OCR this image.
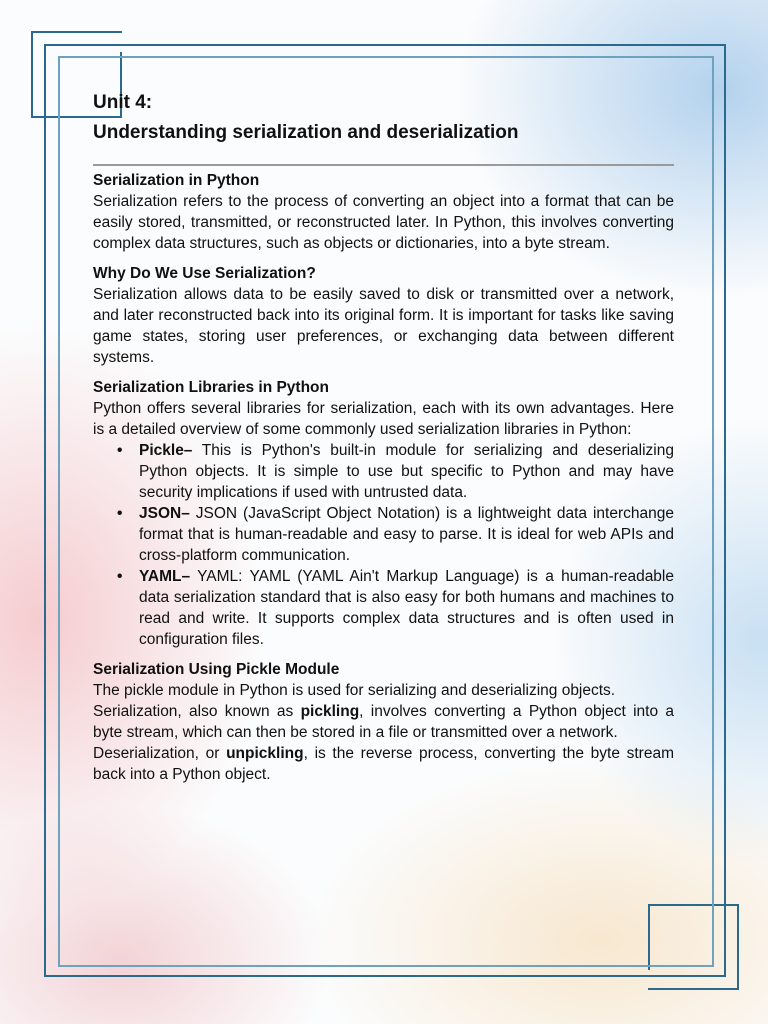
Unit 4:
Understanding serialization and deserialization
Serialization in Python
Serialization refers to the process of converting an object into a format that can be easily stored, transmitted, or reconstructed later. In Python, this involves converting complex data structures, such as objects or dictionaries, into a byte stream.
Why Do We Use Serialization?
Serialization allows data to be easily saved to disk or transmitted over a network, and later reconstructed back into its original form. It is important for tasks like saving game states, storing user preferences, or exchanging data between different systems.
Serialization Libraries in Python
Python offers several libraries for serialization, each with its own advantages. Here is a detailed overview of some commonly used serialization libraries in Python:
• Pickle– This is Python's built-in module for serializing and deserializing Python objects. It is simple to use but specific to Python and may have security implications if used with untrusted data.
• JSON– JSON (JavaScript Object Notation) is a lightweight data interchange format that is human-readable and easy to parse. It is ideal for web APIs and cross-platform communication.
• YAML– YAML: YAML (YAML Ain't Markup Language) is a human-readable data serialization standard that is also easy for both humans and machines to read and write. It supports complex data structures and is often used in configuration files.
Serialization Using Pickle Module
The pickle module in Python is used for serializing and deserializing objects.
Serialization, also known as pickling, involves converting a Python object into a byte stream, which can then be stored in a file or transmitted over a network.
Deserialization, or unpickling, is the reverse process, converting the byte stream back into a Python object.
